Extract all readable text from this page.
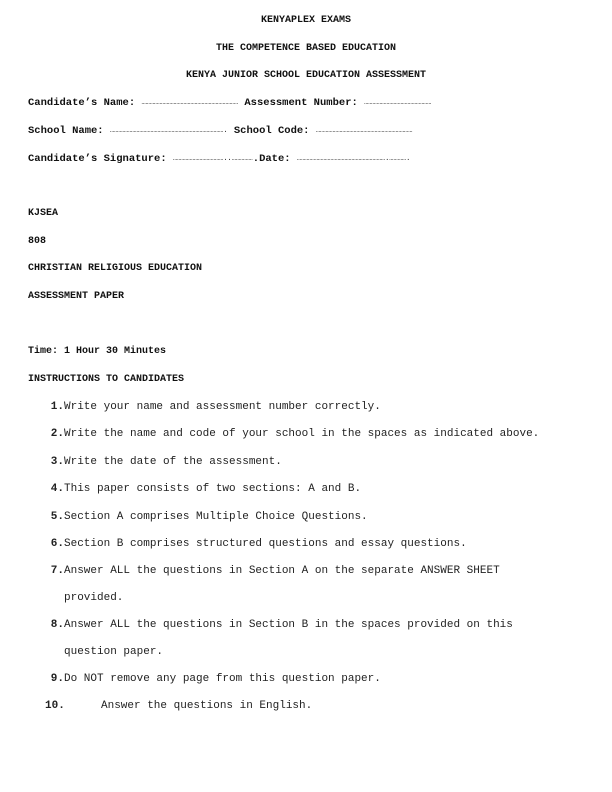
KENYAPLEX EXAMS
THE COMPETENCE BASED EDUCATION
KENYA JUNIOR SCHOOL EDUCATION ASSESSMENT
Candidate’s Name: …………………………………………………………… Assessment Number: …………………………………………
School Name: ………………………………………………………………………. School Code: ……………………………………………………………
Candidate’s Signature: ………………………………..…………….Date: ……………………………………………………….………….
KJSEA
808
CHRISTIAN RELIGIOUS EDUCATION
ASSESSMENT PAPER
Time: 1 Hour 30 Minutes
INSTRUCTIONS TO CANDIDATES
1.Write your name and assessment number correctly.
2.Write the name and code of your school in the spaces as indicated above.
3.Write the date of the assessment.
4.This paper consists of two sections: A and B.
5.Section A comprises Multiple Choice Questions.
6.Section B comprises structured questions and essay questions.
7.Answer ALL the questions in Section A on the separate ANSWER SHEET
provided.
8.Answer ALL the questions in Section B in the spaces provided on this
question paper.
9.Do NOT remove any page from this question paper.
10.	Answer the questions in English.
